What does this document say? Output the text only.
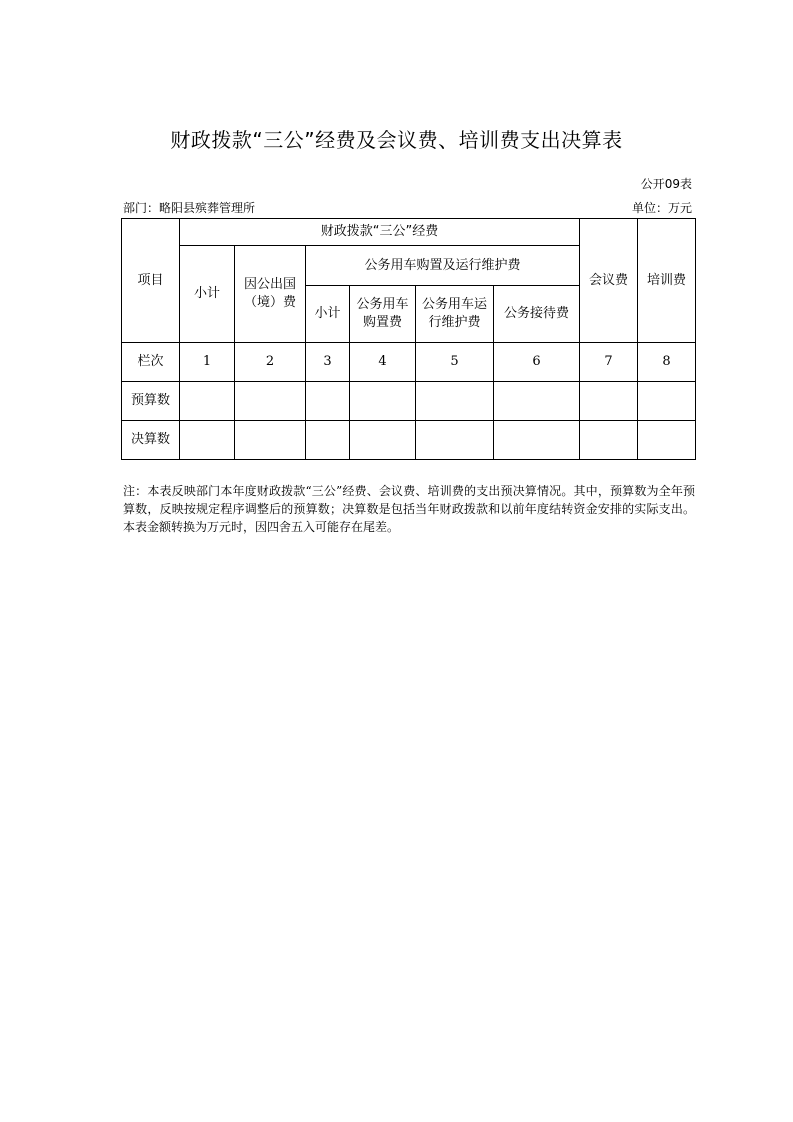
财政拨款“三公”经费及会议费、培训费支出决算表
公开09表
部门：略阳县殡葬管理所	单位：万元
项目	财政拨款“三公”经费						会议费	培训费
	小计	因公出国（境）费	公务用车购置及运行维护费					
			小计	公务用车购置费	公务用车运行维护费	公务接待费		
栏次	1	2	3	4	5	6	7	8
预算数								
决算数								
注：本表反映部门本年度财政拨款“三公”经费、会议费、培训费的支出预决算情况。其中，预算数为全年预算数，反映按规定程序调整后的预算数；决算数是包括当年财政拨款和以前年度结转资金安排的实际支出。本表金额转换为万元时，因四舍五入可能存在尾差。
